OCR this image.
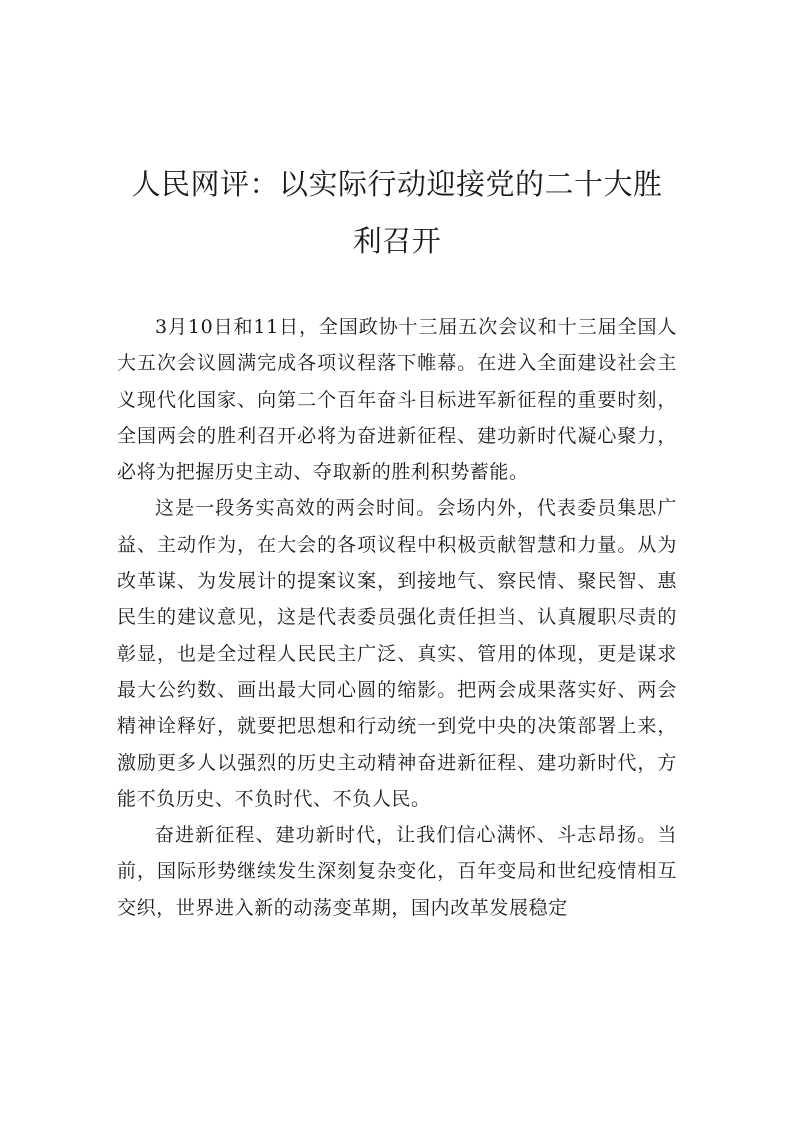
人民网评：以实际行动迎接党的二十大胜利召开

3月10日和11日，全国政协十三届五次会议和十三届全国人大五次会议圆满完成各项议程落下帷幕。在进入全面建设社会主义现代化国家、向第二个百年奋斗目标进军新征程的重要时刻，全国两会的胜利召开必将为奋进新征程、建功新时代凝心聚力，必将为把握历史主动、夺取新的胜利积势蓄能。

这是一段务实高效的两会时间。会场内外，代表委员集思广益、主动作为，在大会的各项议程中积极贡献智慧和力量。从为改革谋、为发展计的提案议案，到接地气、察民情、聚民智、惠民生的建议意见，这是代表委员强化责任担当、认真履职尽责的彰显，也是全过程人民民主广泛、真实、管用的体现，更是谋求最大公约数、画出最大同心圆的缩影。把两会成果落实好、两会精神诠释好，就要把思想和行动统一到党中央的决策部署上来，激励更多人以强烈的历史主动精神奋进新征程、建功新时代，方能不负历史、不负时代、不负人民。

奋进新征程、建功新时代，让我们信心满怀、斗志昂扬。当前，国际形势继续发生深刻复杂变化，百年变局和世纪疫情相互交织，世界进入新的动荡变革期，国内改革发展稳定
